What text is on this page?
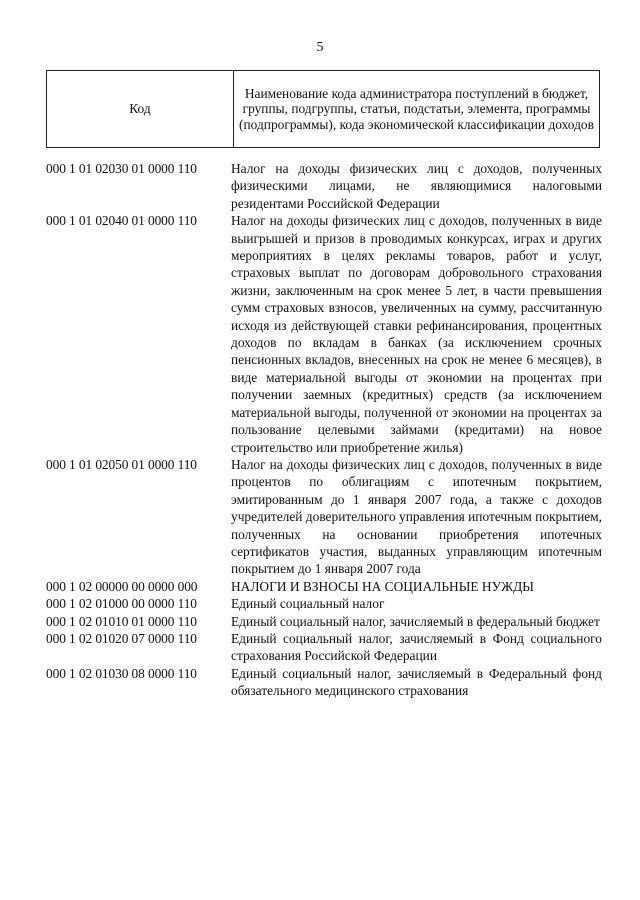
5
Код	Наименование кода администратора поступлений в бюджет, группы, подгруппы, статьи, подстатьи, элемента, программы (подпрограммы), кода экономической классификации доходов
000 1 01 02030 01 0000 110	Налог на доходы физических лиц с доходов, полученных физическими лицами, не являющимися налоговыми резидентами Российской Федерации
000 1 01 02040 01 0000 110	Налог на доходы физических лиц с доходов, полученных в виде выигрышей и призов в проводимых конкурсах, играх и других мероприятиях в целях рекламы товаров, работ и услуг, страховых выплат по договорам добровольного страхования жизни, заключенным на срок менее 5 лет, в части превышения сумм страховых взносов, увеличенных на сумму, рассчитанную исходя из действующей ставки рефинансирования, процентных доходов по вкладам в банках (за исключением срочных пенсионных вкладов, внесенных на срок не менее 6 месяцев), в виде материальной выгоды от экономии на процентах при получении заемных (кредитных) средств (за исключением материальной выгоды, полученной от экономии на процентах за пользование целевыми займами (кредитами) на новое строительство или приобретение жилья)
000 1 01 02050 01 0000 110	Налог на доходы физических лиц с доходов, полученных в виде процентов по облигациям с ипотечным покрытием, эмитированным до 1 января 2007 года, а также с доходов учредителей доверительного управления ипотечным покрытием, полученных на основании приобретения ипотечных сертификатов участия, выданных управляющим ипотечным покрытием до 1 января 2007 года
000 1 02 00000 00 0000 000	НАЛОГИ И ВЗНОСЫ НА СОЦИАЛЬНЫЕ НУЖДЫ
000 1 02 01000 00 0000 110	Единый социальный налог
000 1 02 01010 01 0000 110	Единый социальный налог, зачисляемый в федеральный бюджет
000 1 02 01020 07 0000 110	Единый социальный налог, зачисляемый в Фонд социального страхования Российской Федерации
000 1 02 01030 08 0000 110	Единый социальный налог, зачисляемый в Федеральный фонд обязательного медицинского страхования
